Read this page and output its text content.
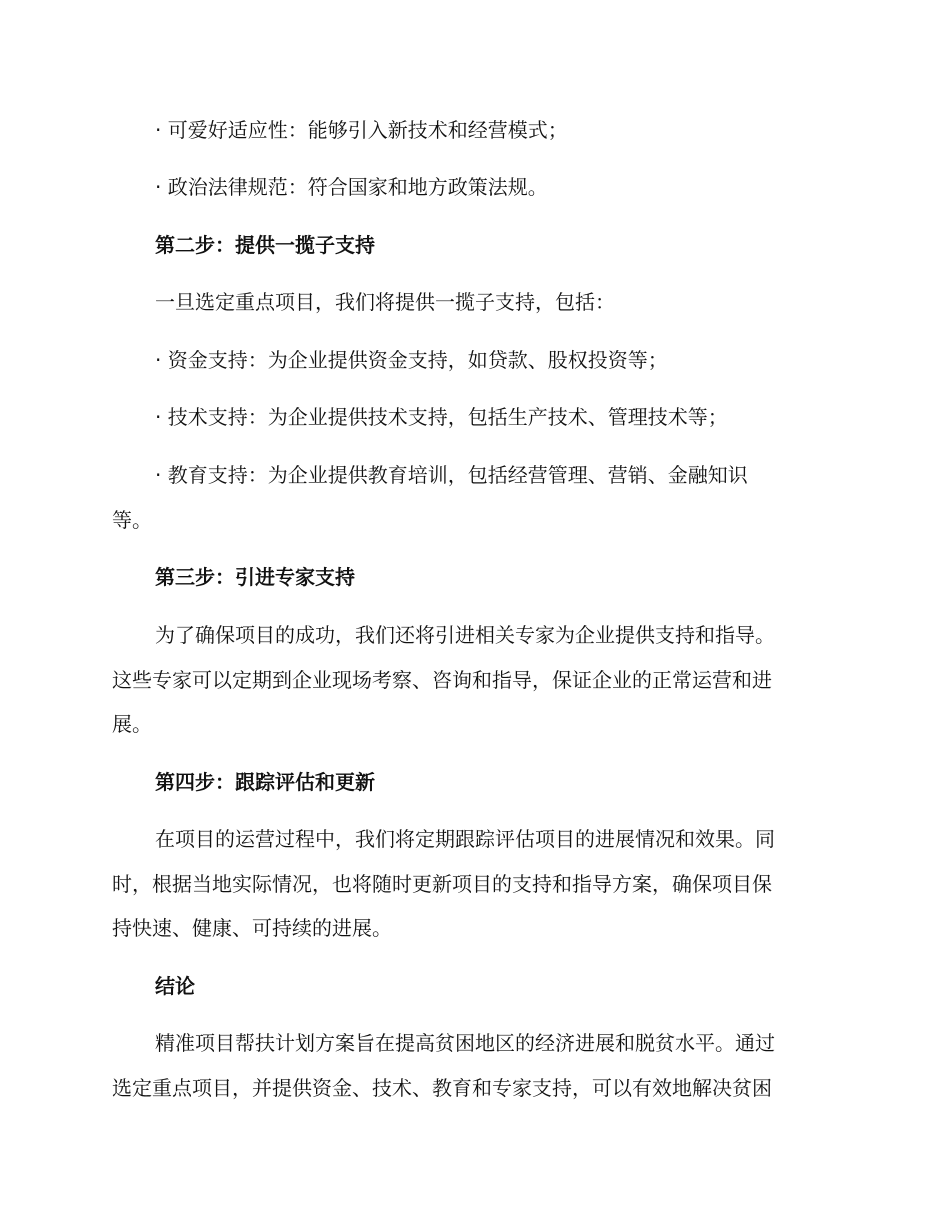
· 可爱好适应性：能够引入新技术和经营模式；
· 政治法律规范：符合国家和地方政策法规。
第二步：提供一揽子支持
一旦选定重点项目，我们将提供一揽子支持，包括：
· 资金支持：为企业提供资金支持，如贷款、股权投资等；
· 技术支持：为企业提供技术支持，包括生产技术、管理技术等；
· 教育支持：为企业提供教育培训，包括经营管理、营销、金融知识
等。
第三步：引进专家支持
为了确保项目的成功，我们还将引进相关专家为企业提供支持和指导。
这些专家可以定期到企业现场考察、咨询和指导，保证企业的正常运营和进
展。
第四步：跟踪评估和更新
在项目的运营过程中，我们将定期跟踪评估项目的进展情况和效果。同
时，根据当地实际情况，也将随时更新项目的支持和指导方案，确保项目保
持快速、健康、可持续的进展。
结论
精准项目帮扶计划方案旨在提高贫困地区的经济进展和脱贫水平。通过
选定重点项目，并提供资金、技术、教育和专家支持，可以有效地解决贫困
